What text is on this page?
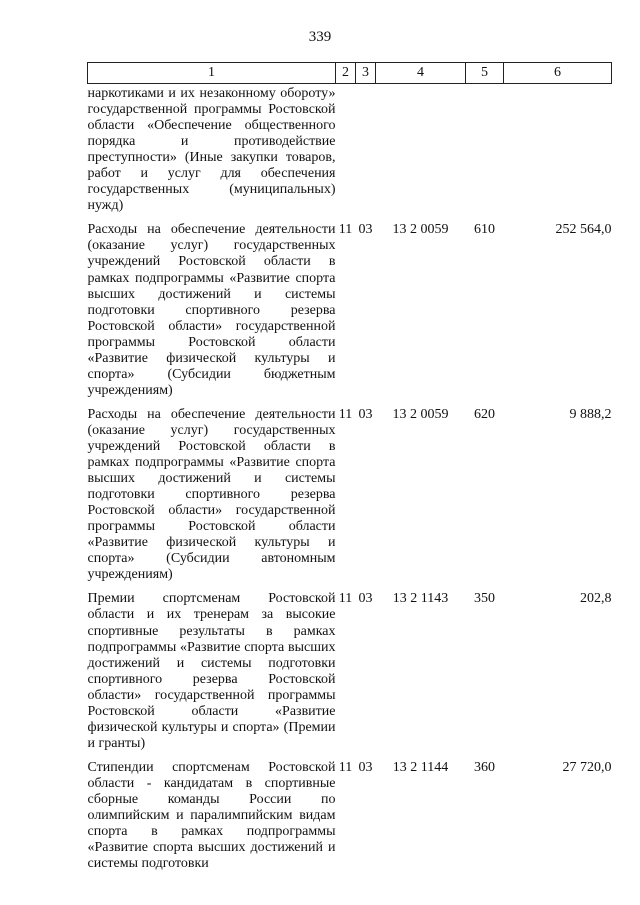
339
1	2	3	4	5	6
наркотиками и их незаконному обороту» государственной программы Ростовской области «Обеспечение общественного порядка и противодействие преступности» (Иные закупки товаров, работ и услуг для обеспечения государственных (муниципальных) нужд)					
Расходы на обеспечение деятельности (оказание услуг) государственных учреждений Ростовской области в рамках подпрограммы «Развитие спорта высших достижений и системы подготовки спортивного резерва Ростовской области» государственной программы Ростовской области «Развитие физической культуры и спорта» (Субсидии бюджетным учреждениям)	11	03	13 2 0059	610	252 564,0
Расходы на обеспечение деятельности (оказание услуг) государственных учреждений Ростовской области в рамках подпрограммы «Развитие спорта высших достижений и системы подготовки спортивного резерва Ростовской области» государственной программы Ростовской области «Развитие физической культуры и спорта» (Субсидии автономным учреждениям)	11	03	13 2 0059	620	9 888,2
Премии спортсменам Ростовской области и их тренерам за высокие спортивные результаты в рамках подпрограммы «Развитие спорта высших достижений и системы подготовки спортивного резерва Ростовской области» государственной программы Ростовской области «Развитие физической культуры и спорта» (Премии и гранты)	11	03	13 2 1143	350	202,8
Стипендии спортсменам Ростовской области - кандидатам в спортивные сборные команды России по олимпийским и паралимпийским видам спорта в рамках подпрограммы «Развитие спорта высших достижений и системы подготовки	11	03	13 2 1144	360	27 720,0
